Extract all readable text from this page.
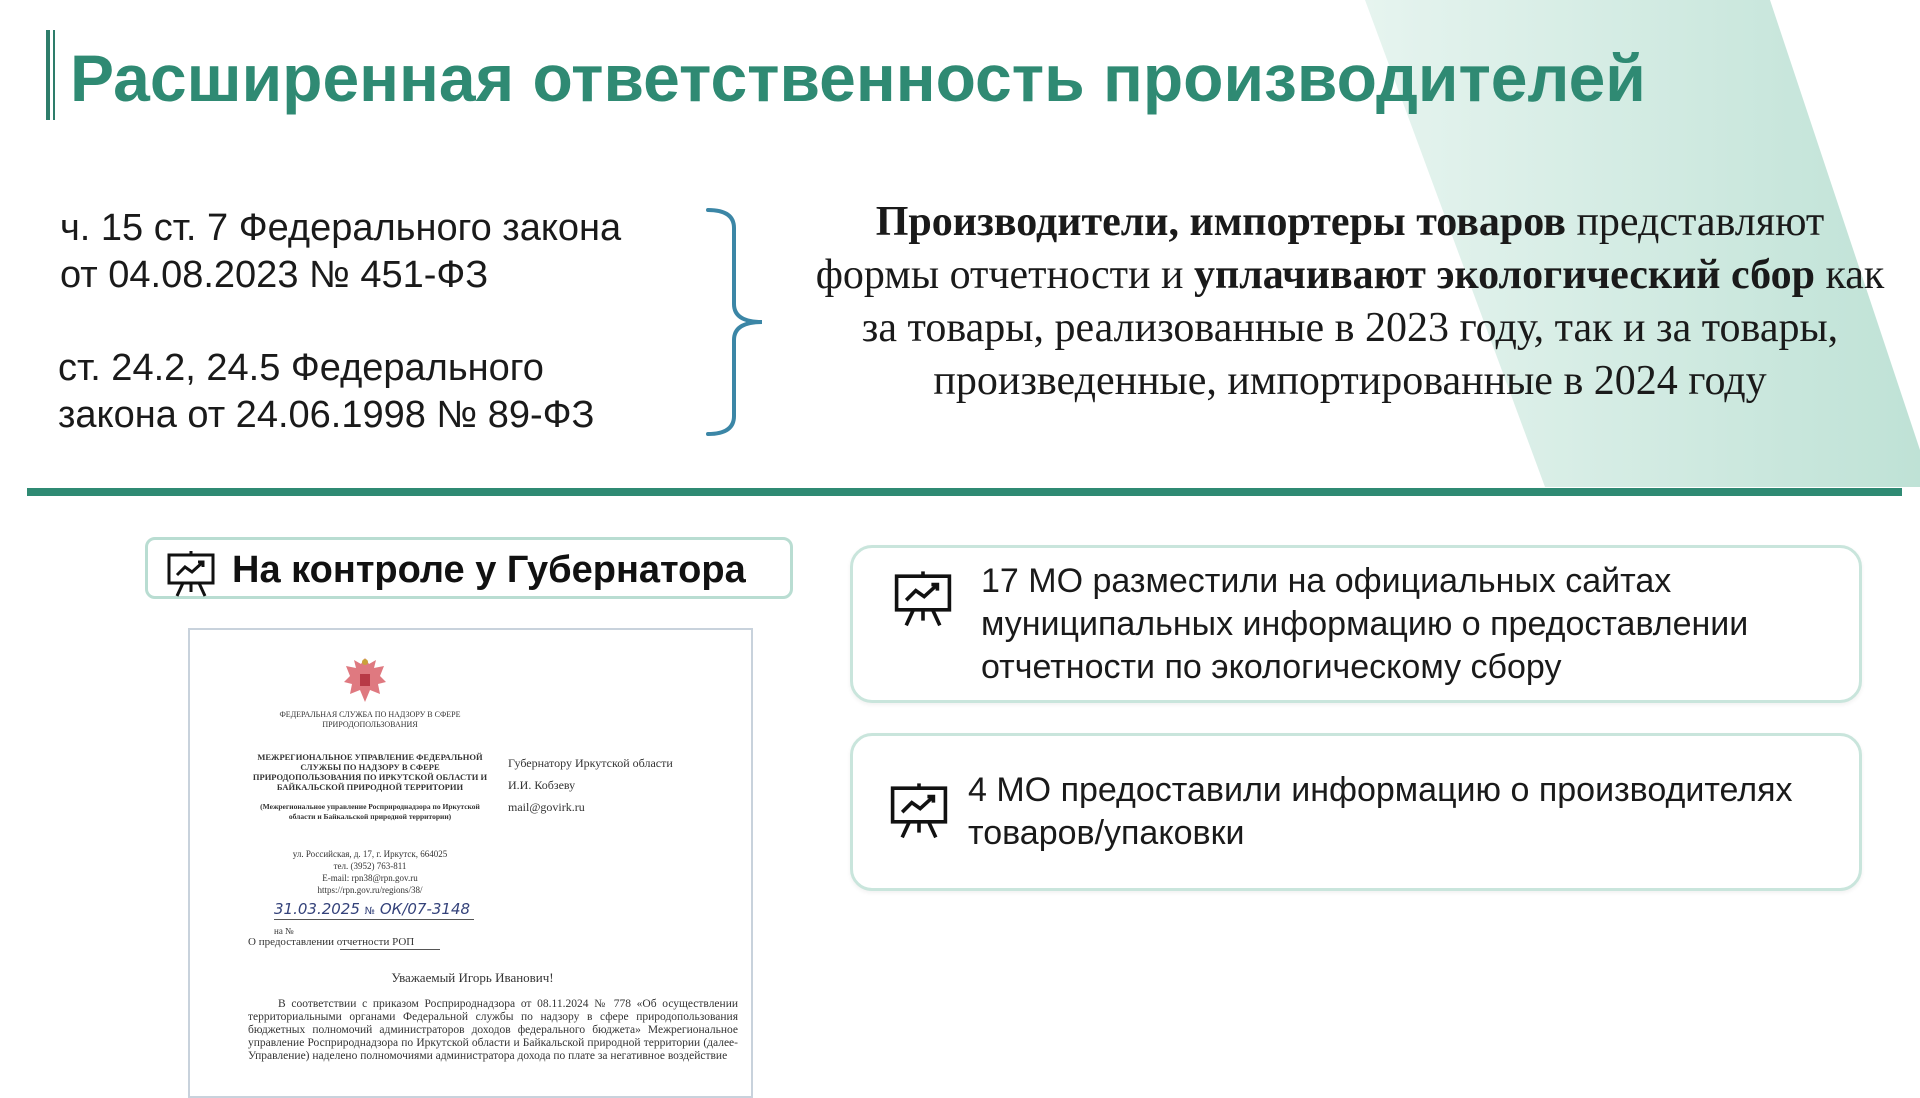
Расширенная ответственность производителей
ч. 15 ст. 7 Федерального закона
от 04.08.2023 № 451-ФЗ
ст. 24.2, 24.5 Федерального
закона от 24.06.1998 № 89-ФЗ
Производители, импортеры товаров представляют формы отчетности и уплачивают экологический сбор как за товары, реализованные в 2023 году, так и за товары, произведенные, импортированные в 2024 году
На контроле у Губернатора	17 МО разместили на официальных сайтах муниципальных информацию о предоставлении отчетности по экологическому сбору
4 МО предоставили информацию о производителях товаров/упаковки
ФЕДЕРАЛЬНАЯ СЛУЖБА ПО НАДЗОРУ В СФЕРЕ ПРИРОДОПОЛЬЗОВАНИЯ
МЕЖРЕГИОНАЛЬНОЕ УПРАВЛЕНИЕ ФЕДЕРАЛЬНОЙ СЛУЖБЫ ПО НАДЗОРУ В СФЕРЕ ПРИРОДОПОЛЬЗОВАНИЯ ПО ИРКУТСКОЙ ОБЛАСТИ И БАЙКАЛЬСКОЙ ПРИРОДНОЙ ТЕРРИТОРИИ
(Межрегиональное управление Росприроднадзора по Иркутской области и Байкальской природной территории)
Губернатору Иркутской области
И.И. Кобзеву
mail@govirk.ru
ул. Российская, д. 17, г. Иркутск, 664025
тел. (3952) 763-811
E-mail: rpn38@rpn.gov.ru
https://rpn.gov.ru/regions/38/
31.03.2025 № ОК/07-3148
на №
О предоставлении отчетности РОП
Уважаемый Игорь Иванович!
В соответствии с приказом Росприроднадзора от 08.11.2024 № 778 «Об осуществлении территориальными органами Федеральной службы по надзору в сфере природопользования бюджетных полномочий администраторов доходов федерального бюджета» Межрегиональное управление Росприроднадзора по Иркутской области и Байкальской природной территории (далее-Управление) наделено полномочиями администратора дохода по плате за негативное воздействие
